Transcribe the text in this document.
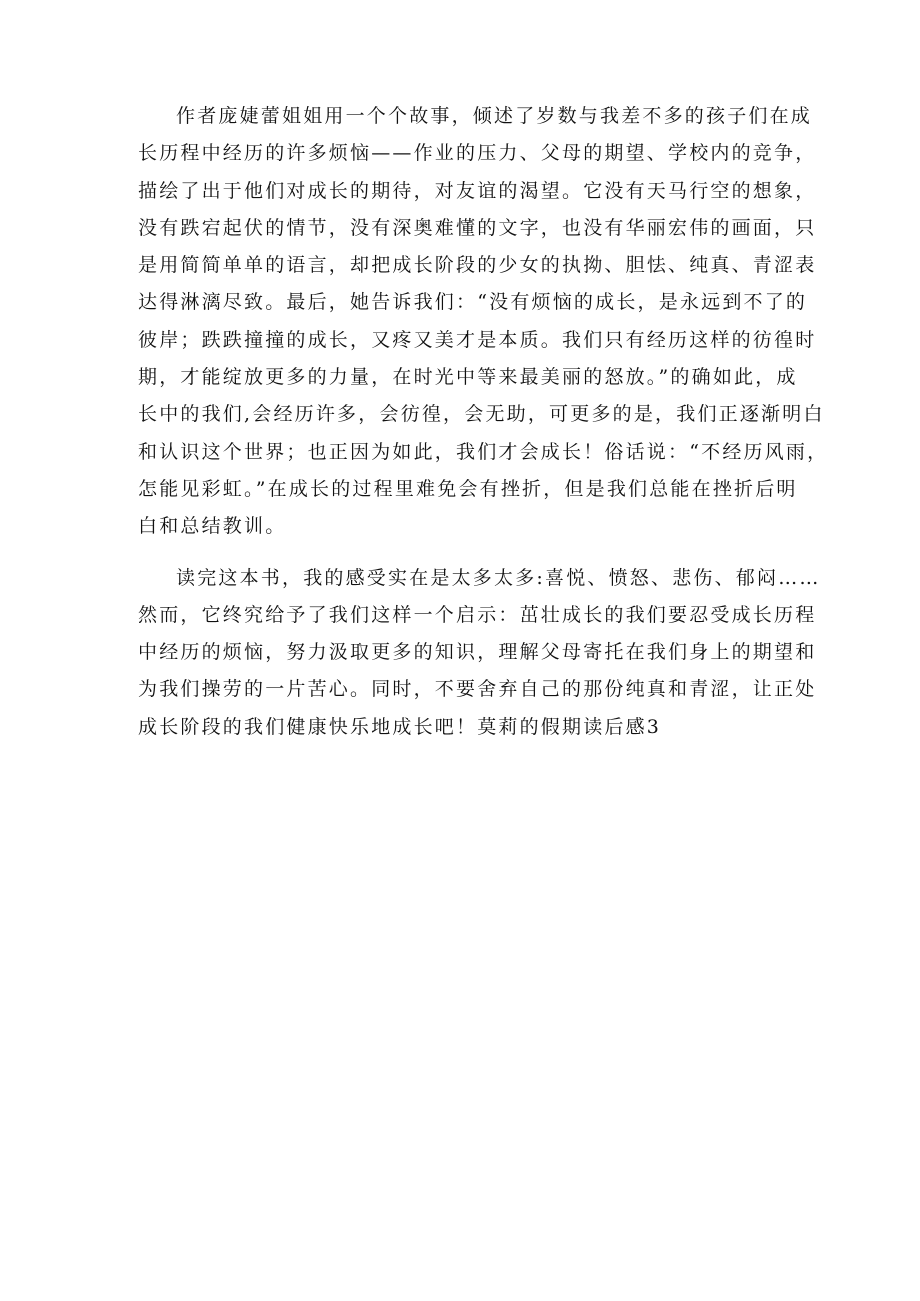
作者庞婕蕾姐姐用一个个故事，倾述了岁数与我差不多的孩子们在成
长历程中经历的许多烦恼——作业的压力、父母的期望、学校内的竞争，
描绘了出于他们对成长的期待，对友谊的渴望。它没有天马行空的想象，
没有跌宕起伏的情节，没有深奥难懂的文字，也没有华丽宏伟的画面，只
是用简简单单的语言，却把成长阶段的少女的执拗、胆怯、纯真、青涩表
达得淋漓尽致。最后，她告诉我们：“没有烦恼的成长，是永远到不了的
彼岸；跌跌撞撞的成长，又疼又美才是本质。我们只有经历这样的彷徨时
期，才能绽放更多的力量，在时光中等来最美丽的怒放。”的确如此，成
长中的我们,会经历许多，会彷徨，会无助，可更多的是，我们正逐渐明白
和认识这个世界；也正因为如此，我们才会成长！俗话说：“不经历风雨，
怎能见彩虹。”在成长的过程里难免会有挫折，但是我们总能在挫折后明
白和总结教训。
读完这本书，我的感受实在是太多太多:喜悦、愤怒、悲伤、郁闷……
然而，它终究给予了我们这样一个启示：茁壮成长的我们要忍受成长历程
中经历的烦恼，努力汲取更多的知识，理解父母寄托在我们身上的期望和
为我们操劳的一片苦心。同时，不要舍弃自己的那份纯真和青涩，让正处
成长阶段的我们健康快乐地成长吧！莫莉的假期读后感3
